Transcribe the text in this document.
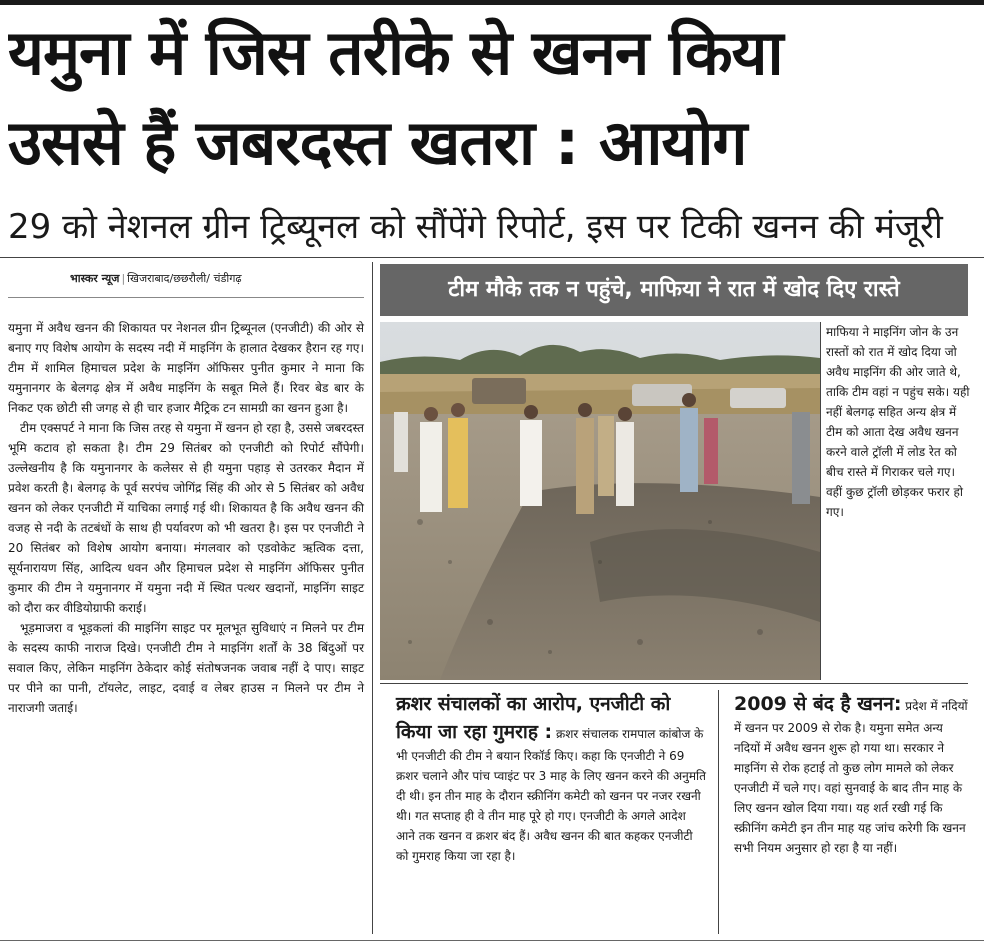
यमुना में जिस तरीके से खनन किया
उससे हैं जबरदस्त खतरा : आयोग
29 को नेशनल ग्रीन ट्रिब्यूनल को सौंपेंगे रिपोर्ट, इस पर टिकी खनन की मंजूरी
भास्कर न्यूज | खिजराबाद/छछरौली/ चंडीगढ़

यमुना में अवैध खनन की शिकायत पर नेशनल ग्रीन ट्रिब्यूनल (एनजीटी) की ओर से बनाए गए विशेष आयोग के सदस्य नदी में माइनिंग के हालात देखकर हैरान रह गए। टीम में शामिल हिमाचल प्रदेश के माइनिंग ऑफिसर पुनीत कुमार ने माना कि यमुनानगर के बेलगढ़ क्षेत्र में अवैध माइनिंग के सबूत मिले हैं। रिवर बेड बार के निकट एक छोटी सी जगह से ही चार हजार मैट्रिक टन सामग्री का खनन हुआ है।

टीम एक्सपर्ट ने माना कि जिस तरह से यमुना में खनन हो रहा है, उससे जबरदस्त भूमि कटाव हो सकता है। टीम 29 सितंबर को एनजीटी को रिपोर्ट सौंपेगी। उल्लेखनीय है कि यमुनानगर के कलेसर से ही यमुना पहाड़ से उतरकर मैदान में प्रवेश करती है। बेलगढ़ के पूर्व सरपंच जोगिंद्र सिंह की ओर से 5 सितंबर को अवैध खनन को लेकर एनजीटी में याचिका लगाई गई थी। शिकायत है कि अवैध खनन की वजह से नदी के तटबंधों के साथ ही पर्यावरण को भी खतरा है। इस पर एनजीटी ने 20 सितंबर को विशेष आयोग बनाया। मंगलवार को एडवोकेट ऋत्विक दत्ता, सूर्यनारायण सिंह, आदित्य धवन और हिमाचल प्रदेश से माइनिंग ऑफिसर पुनीत कुमार की टीम ने यमुनानगर में यमुना नदी में स्थित पत्थर खदानों, माइनिंग साइट को दौरा कर वीडियोग्राफी कराई।

भूड़माजरा व भूड़कलां की माइनिंग साइट पर मूलभूत सुविधाएं न मिलने पर टीम के सदस्य काफी नाराज दिखे। एनजीटी टीम ने माइनिंग शर्तों के 38 बिंदुओं पर सवाल किए, लेकिन माइनिंग ठेकेदार कोई संतोषजनक जवाब नहीं दे पाए। साइट पर पीने का पानी, टॉयलेट, लाइट, दवाई व लेबर हाउस न मिलने पर टीम ने नाराजगी जताई।

टीम मौके तक न पहुंचे, माफिया ने रात में खोद दिए रास्ते
माफिया ने माइनिंग जोन के उन रास्तों को रात में खोद दिया जो अवैध माइनिंग की ओर जाते थे, ताकि टीम वहां न पहुंच सके। यही नहीं बेलगढ़ सहित अन्य क्षेत्र में टीम को आता देख अवैध खनन करने वाले ट्रॉली में लोड रेत को बीच रास्ते में गिराकर चले गए। वहीं कुछ ट्रॉली छोड़कर फरार हो गए।
क्रशर संचालकों का आरोप, एनजीटी को किया जा रहा गुमराह : क्रशर संचालक रामपाल कांबोज के भी एनजीटी की टीम ने बयान रिकॉर्ड किए। कहा कि एनजीटी ने 69 क्रशर चलाने और पांच प्वाइंट पर 3 माह के लिए खनन करने की अनुमति दी थी। इन तीन माह के दौरान स्क्रीनिंग कमेटी को खनन पर नजर रखनी थी। गत सप्ताह ही वे तीन माह पूरे हो गए। एनजीटी के अगले आदेश आने तक खनन व क्रशर बंद हैं। अवैध खनन की बात कहकर एनजीटी को गुमराह किया जा रहा है।
2009 से बंद है खनन: प्रदेश में नदियों में खनन पर 2009 से रोक है। यमुना समेत अन्य नदियों में अवैध खनन शुरू हो गया था। सरकार ने माइनिंग से रोक हटाई तो कुछ लोग मामले को लेकर एनजीटी में चले गए। वहां सुनवाई के बाद तीन माह के लिए खनन खोल दिया गया। यह शर्त रखी गई कि स्क्रीनिंग कमेटी इन तीन माह यह जांच करेगी कि खनन सभी नियम अनुसार हो रहा है या नहीं।
